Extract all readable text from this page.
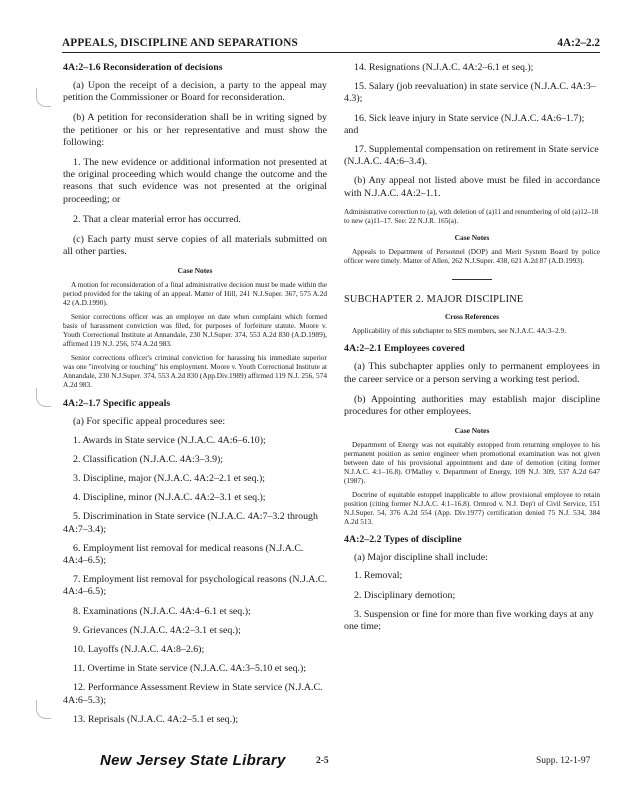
APPEALS, DISCIPLINE AND SEPARATIONS	4A:2–2.2
4A:2–1.6 Reconsideration of decisions
(a) Upon the receipt of a decision, a party to the appeal may petition the Commissioner or Board for reconsideration.
(b) A petition for reconsideration shall be in writing signed by the petitioner or his or her representative and must show the following:
1. The new evidence or additional information not presented at the original proceeding which would change the outcome and the reasons that such evidence was not presented at the original proceeding; or
2. That a clear material error has occurred.
(c) Each party must serve copies of all materials submitted on all other parties.
Case Notes
A motion for reconsideration of a final administrative decision must be made within the period provided for the taking of an appeal. Matter of Hill, 241 N.J.Super. 367, 575 A.2d 42 (A.D.1990).
Senior corrections officer was an employee on date when complaint which formed basis of harassment conviction was filed, for purposes of forfeiture statute. Moore v. Youth Correctional Institute at Annandale, 230 N.J.Super. 374, 553 A.2d 830 (A.D.1989), affirmed 119 N.J. 256, 574 A.2d 983.
Senior corrections officer's criminal conviction for harassing his immediate superior was one "involving or touching" his employment. Moore v. Youth Correctional Institute at Annandale, 230 N.J.Super. 374, 553 A.2d 830 (App.Div.1989) affirmed 119 N.J. 256, 574 A.2d 983.
4A:2–1.7 Specific appeals
(a) For specific appeal procedures see:
1. Awards in State service (N.J.A.C. 4A:6–6.10);
2. Classification (N.J.A.C. 4A:3–3.9);
3. Discipline, major (N.J.A.C. 4A:2–2.1 et seq.);
4. Discipline, minor (N.J.A.C. 4A:2–3.1 et seq.);
5. Discrimination in State service (N.J.A.C. 4A:7–3.2 through 4A:7–3.4);
6. Employment list removal for medical reasons (N.J.A.C. 4A:4–6.5);
7. Employment list removal for psychological reasons (N.J.A.C. 4A:4–6.5);
8. Examinations (N.J.A.C. 4A:4–6.1 et seq.);
9. Grievances (N.J.A.C. 4A:2–3.1 et seq.);
10. Layoffs (N.J.A.C. 4A:8–2.6);
11. Overtime in State service (N.J.A.C. 4A:3–5.10 et seq.);
12. Performance Assessment Review in State service (N.J.A.C. 4A:6–5.3);
13. Reprisals (N.J.A.C. 4A:2–5.1 et seq.);
14. Resignations (N.J.A.C. 4A:2–6.1 et seq.);
15. Salary (job reevaluation) in state service (N.J.A.C. 4A:3–4.3);
16. Sick leave injury in State service (N.J.A.C. 4A:6–1.7); and
17. Supplemental compensation on retirement in State service (N.J.A.C. 4A:6–3.4).
(b) Any appeal not listed above must be filed in accordance with N.J.A.C. 4A:2–1.1.
Administrative correction to (a), with deletion of (a)11 and renumbering of old (a)12–18 to new (a)11–17. See: 22 N.J.R. 165(a).
Case Notes
Appeals to Department of Personnel (DOP) and Merit System Board by police officer were timely. Matter of Allen, 262 N.J.Super. 438, 621 A.2d 87 (A.D.1993).
SUBCHAPTER 2. MAJOR DISCIPLINE
Cross References
Applicability of this subchapter to SES members, see N.J.A.C. 4A:3–2.9.
4A:2–2.1 Employees covered
(a) This subchapter applies only to permanent employees in the career service or a person serving a working test period.
(b) Appointing authorities may establish major discipline procedures for other employees.
Case Notes
Department of Energy was not equitably estopped from returning employee to his permanent position as senior engineer when promotional examination was not given between date of his provisional appointment and date of demotion (citing former N.J.A.C. 4:1–16.8). O'Malley v. Department of Energy, 109 N.J. 309, 537 A.2d 647 (1987).
Doctrine of equitable estoppel inapplicable to allow provisional employee to retain position (citing former N.J.A.C. 4:1–16.8). Ormrod v. N.J. Dep't of Civil Service, 151 N.J.Super. 54, 376 A.2d 554 (App. Div.1977) certification denied 75 N.J. 534, 384 A.2d 513.
4A:2–2.2 Types of discipline
(a) Major discipline shall include:
1. Removal;
2. Disciplinary demotion;
3. Suspension or fine for more than five working days at any one time;
New Jersey State Library	2-5	Supp. 12-1-97
